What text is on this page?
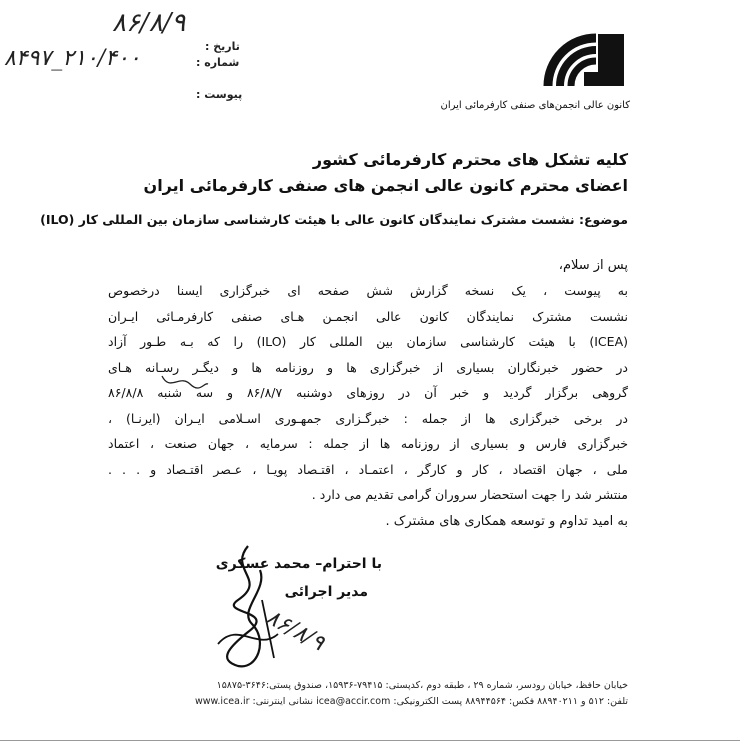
۸۶/۸/۹
۸۴۹۷_۲۱۰/۴۰۰	تاریخ :
شماره :
پیوست :
کانون عالی انجمن‌های صنفی کارفرمائی ایران
کلیه تشکل های محترم کارفرمائی کشور
اعضای محترم کانون عالی انجمن های صنفی کارفرمائی ایران
موضوع: نشست مشترک نمایندگان کانون عالی با هیئت کارشناسی سازمان بین المللی کار (ILO)
پس از سلام،
به پیوست ، یک نسخه گزارش شش صفحه ای خبرگزاری ایسنا درخصوص
نشست مشترک نمایندگان کانون عالی انجمـن هـای صنفی کارفرمـائی ایـران
(ICEA) با هیئت کارشناسی سازمان بین المللی کار (ILO) را که بـه طـور آزاد
در حضور خبرنگاران بسیاری از خبرگزاری ها و روزنامه ها و دیگـر رسـانه هـای
گروهی برگزار گردید و خبر آن در روزهای دوشنبه ۸۶/۸/۷ و سه شنبه ۸۶/۸/۸
در برخی خبرگزاری ها از جمله : خبرگـزاری جمهـوری اسـلامی ایـران (ایرنـا) ،
خبرگزاری فارس و بسیاری از روزنامه ها از جمله : سرمایه ، جهان صنعت ، اعتماد
ملی ، جهان اقتصاد ، کار و کارگر ، اعتمـاد ، اقتـصاد پویـا ، عـصر اقتـصاد و . . .
منتشر شد را جهت استحضار سروران گرامی تقدیم می دارد .
به امید تداوم و توسعه همکاری های مشترک .
با احترام– محمد عسکری
مدیر اجرائی
۸۶/۸/۹
خیابان حافظ، خیابان رودسر، شماره ۲۹ ، طبقه دوم ،کدپستی: ۷۹۴۱۵-۱۵۹۳۶، صندوق پستی:۳۶۴۶-۱۵۸۷۵
تلفن: ۵۱۲ و ۸۸۹۴۰۲۱۱ فکس: ۸۸۹۴۴۵۶۴ پست الکترونیکی: icea@accir.com نشانی اینترنتی: www.icea.ir
